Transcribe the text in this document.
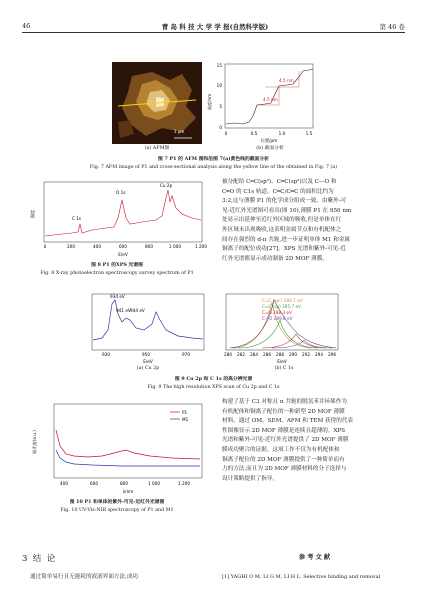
46	青 岛 科 技 大 学 学 报(自然科学版)	第 46 卷
1 μm
(a) AFM图
高度/nm
0
5
10
15
0	0.5	1.0	1.5
位置/μm
4.5 nm
4.5 nm
(b) 截面分析
图 7 P1 的 AFM 图和沿图 7(a)黄色线的截面分析
Fig. 7 AFM image of P1 and cross-sectional analysis along the yellow line of the obtained in Fig. 7 (a)
强度
C 1s
O 1s
Cu 2p
0	200	400	600	800	1 000	1 200
E/eV
图 8 P1 的XPS 光谱图
Fig. 8 X-ray photoelectron spectroscopy survey spectrum of P1
被分配给 C═C(sp²)、C═C(sp²)以及 C—O 和
C═O 的 C1s 轨道。C═C/C═C 的面积比约为
3:2,这与薄膜 P1 的化学成分组成一致。由紫外-可
见-近红外光谱图可看出(图 10),薄膜 P1 在 950 nm
处显示出延伸至近红外区域的吸收,但是单体在红
外区域未出现吸收,这表明金属节点和有机配体之
间存在强烈的 d-π 共轭,进一步证明单体 M1 和金属
铜离子的配位成功[27]。XPS 光谱和紫外-可见-近
红外光谱都显示成功制备 2D MOF 薄膜。
934 eV
941 eV 944 eV
930	950	970
E/eV
(a) Cu 2p
C=C (sp²) 284.7 eV
C=C (sp) 285.7 eV
C=O 288.3 eV
C—O 289.8 eV
280 282 284 286 288 290 292 294 296
E/eV
(b) C 1s
图 9 Cu 2p 和 C 1s 的高分辨光谱
Fig. 9 The high resolution XPS scan of Cu 2p and C 1s
吸光度(a.u.)
P1
M1
400	600	800	1 000	1 200
λ/nm
图 10 P1 和单体的紫外-可见-近红外光谱图
Fig. 10 UV-Vis-NIR spectroscopy of P1 and M1
构建了基于 C3 对称且 π 共轭的脱氢苯并环烯作为
有机配体和铜离子配位的一种新型 2D MOF 薄膜
材料。通过 OM、SEM、AFM 和 TEM 获得的代表
性图像显示 2D MOF 薄膜是连续且超薄的。XPS
光谱和紫外-可见-近红外光谱提供了 2D MOF 薄膜
膜成功聚合的证据。这项工作不仅为有机配体和
铜离子配位的 2D MOF 薄膜提供了一种简单而有
力的方法,而且为 2D MOF 薄膜材料的分子选择与
设计策略提供了指导。
参 考 文 献
[1] YAGHI O M, LI G M, LI H L. Selective binding and removal
3  结  论
通过简单易行且无能耗的液液界面方法,成功
